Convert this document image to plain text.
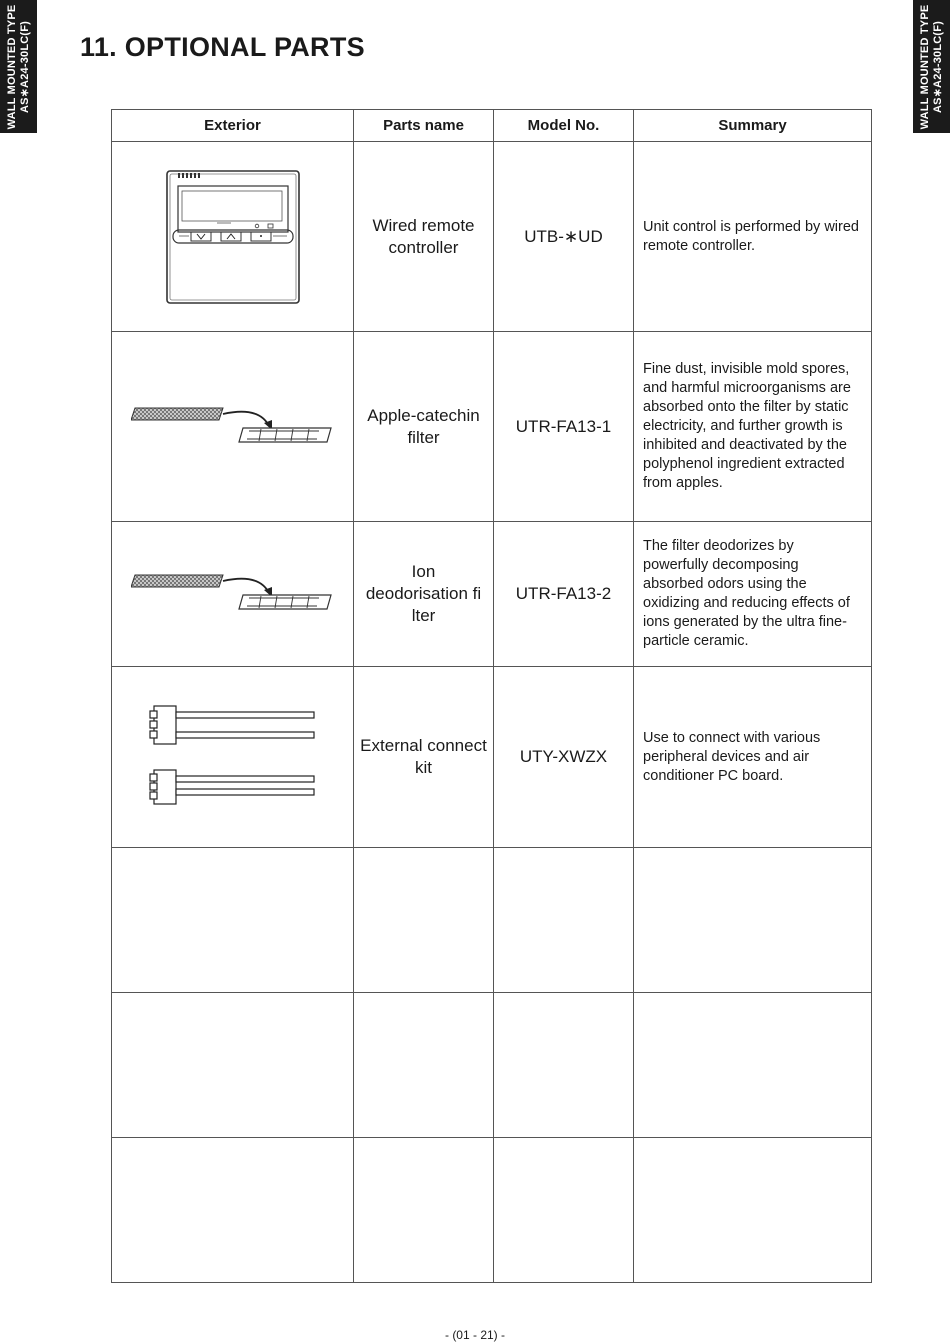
WALL MOUNTED TYPE AS∗A24-30LC(F)	WALL MOUNTED TYPE AS∗A24-30LC(F)
11. OPTIONAL PARTS
Exterior	Parts name	Model No.	Summary

	Wired remote controller	UTB-∗UD	Unit control is performed by wired remote controller.

	Apple-catechin filter	UTR-FA13-1	Fine dust, invisible mold spores, and harmful microorganisms are absorbed onto the filter by static electricity, and further growth is inhibited and deactivated by the polyphenol ingredient extracted from apples.

	Ion deodorisation fi lter	UTR-FA13-2	The filter deodorizes by powerfully decomposing absorbed odors using the oxidizing and reducing effects of ions generated by the ultra fine-particle ceramic.

	External connect kit	UTY-XWZX	Use to connect with various peripheral devices and air conditioner PC board.

- (01 - 21) -
